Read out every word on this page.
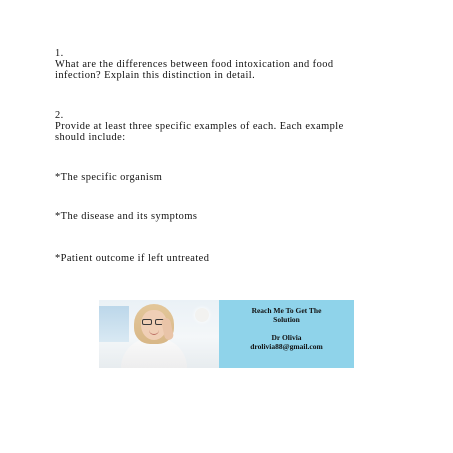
1.
What are the differences between food intoxication and food
infection? Explain this distinction in detail.
2.
Provide at least three specific examples of each. Each example
should include:
*The specific organism
*The disease and its symptoms
*Patient outcome if left untreated
Reach Me To Get The
Solution
Dr Olivia
drolivia88@gmail.com
